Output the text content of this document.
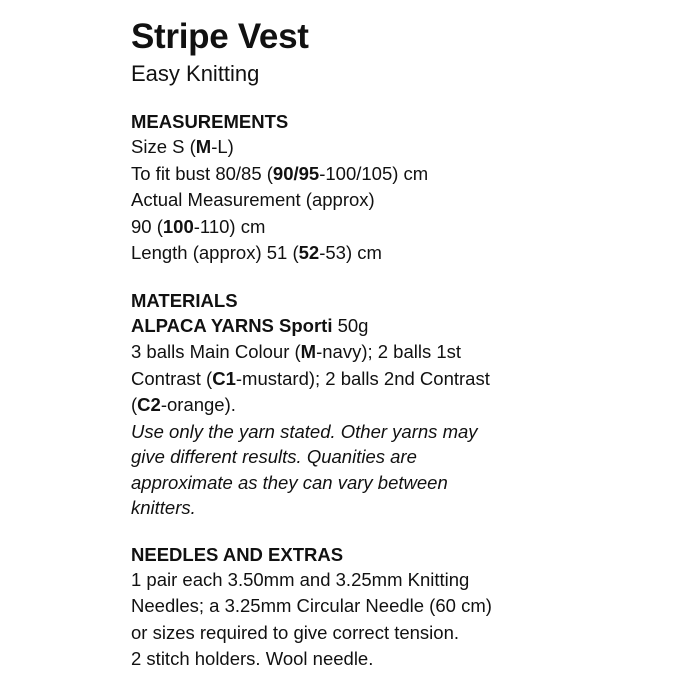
Stripe Vest

Easy Knitting

MEASUREMENTS

Size S (M-L)

To fit bust 80/85 (90/95-100/105) cm

Actual Measurement (approx)

90 (100-110) cm

Length (approx) 51 (52-53) cm

MATERIALS

ALPACA YARNS Sporti 50g

3 balls Main Colour (M-navy); 2 balls 1st

Contrast (C1-mustard); 2 balls 2nd Contrast

(C2-orange).

Use only the yarn stated. Other yarns may

give different results. Quanities are

approximate as they can vary between

knitters.

NEEDLES AND EXTRAS

1 pair each 3.50mm and 3.25mm Knitting

Needles; a 3.25mm Circular Needle (60 cm)

or sizes required to give correct tension.

2 stitch holders. Wool needle.
